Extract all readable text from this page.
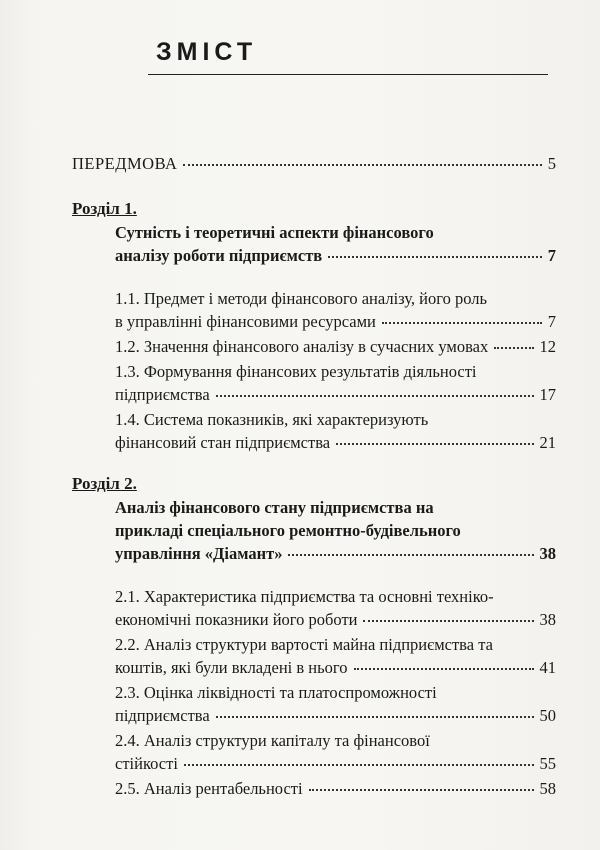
ЗМІСТ
ПЕРЕДМОВА	5
Розділ 1.
Сутність і теоретичні аспекти фінансового
аналізу роботи підприємств	7
1.1. Предмет і методи фінансового аналізу, його роль
в управлінні фінансовими ресурсами	7
1.2. Значення фінансового аналізу в сучасних умовах	12
1.3. Формування фінансових результатів діяльності
підприємства	17
1.4. Система показників, які характеризують
фінансовий стан підприємства	21
Розділ 2.
Аналіз фінансового стану підприємства на
прикладі спеціального ремонтно-будівельного
управління «Діамант»	38
2.1. Характеристика підприємства та основні техніко-
економічні показники його роботи	38
2.2. Аналіз структури вартості майна підприємства та
коштів, які були вкладені в нього	41
2.3. Оцінка ліквідності та платоспроможності
підприємства	50
2.4. Аналіз структури капіталу та фінансової
стійкості	55
2.5. Аналіз рентабельності	58
